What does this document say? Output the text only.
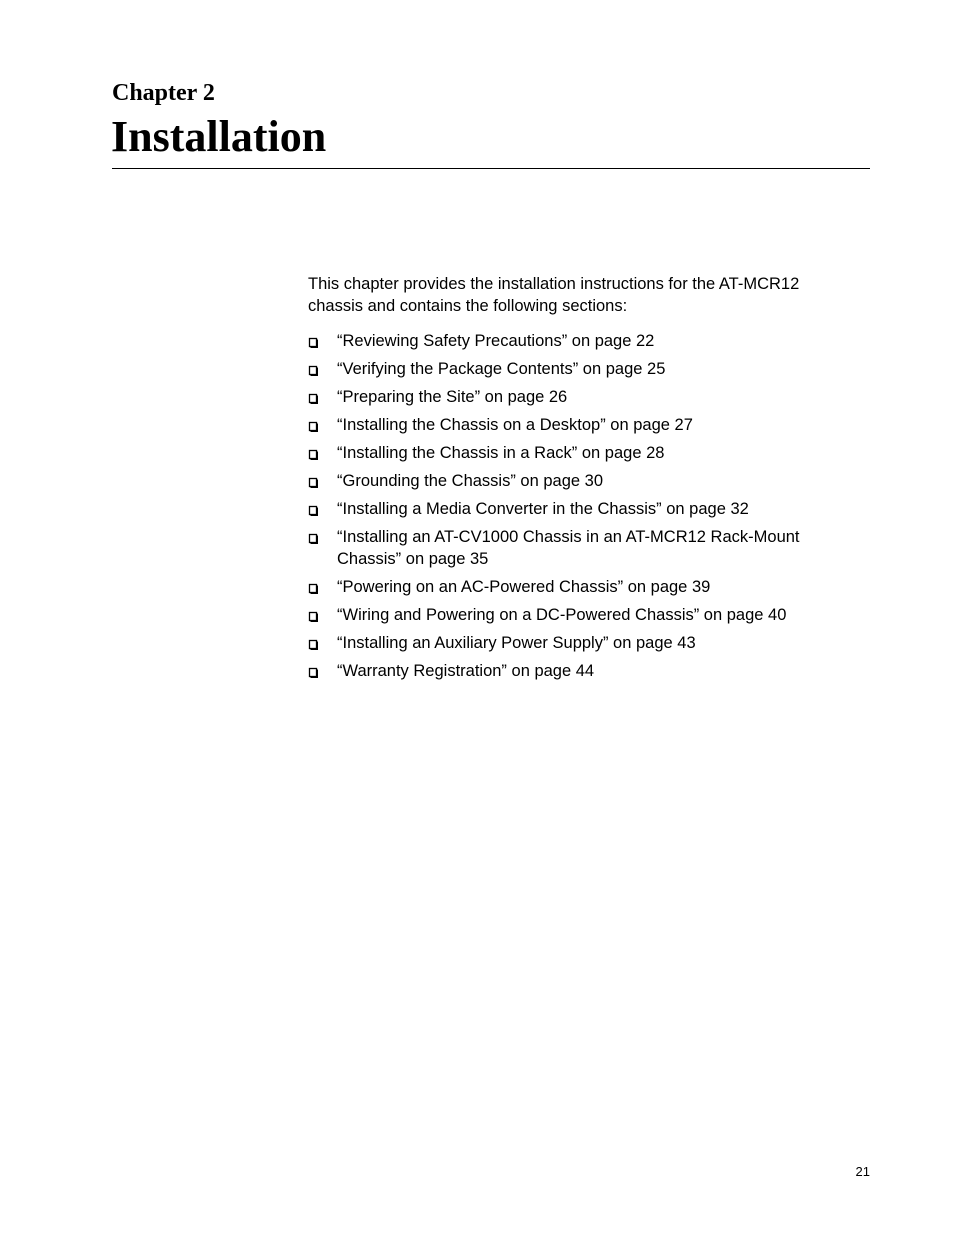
Chapter 2
Installation

This chapter provides the installation instructions for the AT-MCR12 chassis and contains the following sections:

“Reviewing Safety Precautions” on page 22
“Verifying the Package Contents” on page 25
“Preparing the Site” on page 26
“Installing the Chassis on a Desktop” on page 27
“Installing the Chassis in a Rack” on page 28
“Grounding the Chassis” on page 30
“Installing a Media Converter in the Chassis” on page 32
“Installing an AT-CV1000 Chassis in an AT-MCR12 Rack-Mount Chassis” on page 35
“Powering on an AC-Powered Chassis” on page 39
“Wiring and Powering on a DC-Powered Chassis” on page 40
“Installing an Auxiliary Power Supply” on page 43
“Warranty Registration” on page 44
21
